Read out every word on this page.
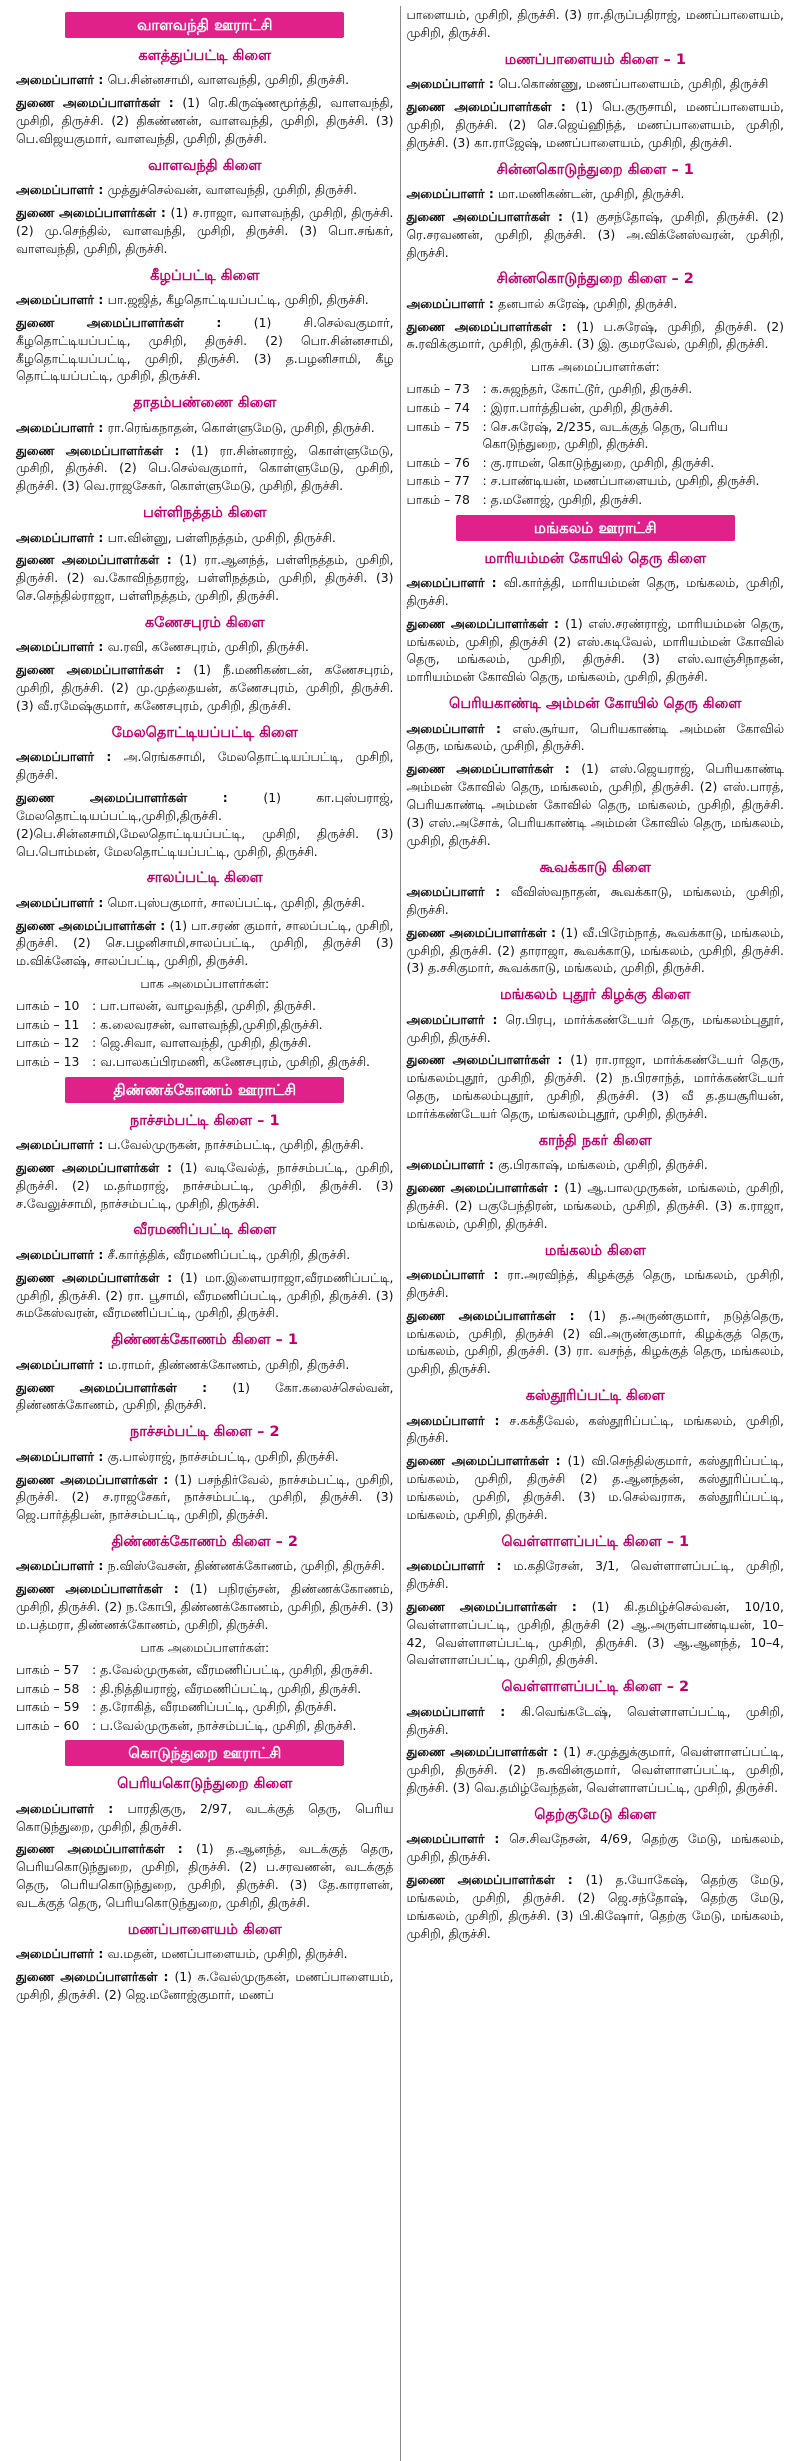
வாளவந்தி ஊராட்சி
களத்துப்பட்டி கிளை

அமைப்பாளர் : பெ.சின்னசாமி, வாளவந்தி, முசிறி, திருச்சி.

துணை அமைப்பாளர்கள் : (1) ரெ.கிருஷ்ணமூர்த்தி, வாளவந்தி, முசிறி, திருச்சி. (2) திகண்ணன், வாளவந்தி, முசிறி, திருச்சி. (3) பெ.விஜயகுமார், வாளவந்தி, முசிறி, திருச்சி.

வாளவந்தி கிளை

அமைப்பாளர் : முத்துச்செல்வன், வாளவந்தி, முசிறி, திருச்சி.

துணை அமைப்பாளர்கள் : (1) ச.ராஜா, வாளவந்தி, முசிறி, திருச்சி. (2) மு.செந்தில், வாளவந்தி, முசிறி, திருச்சி. (3) பொ.சங்கர், வாளவந்தி, முசிறி, திருச்சி.

கீழப்பட்டி கிளை

அமைப்பாளர் : பா.ஜஜித், கீழதொட்டியப்பட்டி, முசிறி, திருச்சி.

துணை அமைப்பாளர்கள் : (1) சி.செல்வகுமார், கீழதொட்டியப்பட்டி, முசிறி, திருச்சி. (2) பொ.சின்னசாமி, கீழதொட்டியப்பட்டி, முசிறி, திருச்சி. (3) த.பழனிசாமி, கீழ தொட்டியப்பட்டி, முசிறி, திருச்சி.

தாதம்பண்ணை கிளை

அமைப்பாளர் : ரா.ரெங்கநாதன், கொள்ளுமேடு, முசிறி, திருச்சி.

துணை அமைப்பாளர்கள் : (1) ரா.சின்னராஜ், கொள்ளுமேடு, முசிறி, திருச்சி. (2) பெ.செல்வகுமார், கொள்ளுமேடு, முசிறி, திருச்சி. (3) வெ.ராஜசேகர், கொள்ளுமேடு, முசிறி, திருச்சி.

பள்ளிநத்தம் கிளை

அமைப்பாளர் : பா.வின்னு, பள்ளிநத்தம், முசிறி, திருச்சி.

துணை அமைப்பாளர்கள் : (1) ரா.ஆனந்த், பள்ளிநத்தம், முசிறி, திருச்சி. (2) வ.கோவிந்தராஜ், பள்ளிநத்தம், முசிறி, திருச்சி. (3) செ.செந்தில்ராஜா, பள்ளிநத்தம், முசிறி, திருச்சி.

கணேசபுரம் கிளை

அமைப்பாளர் : வ.ரவி, கணேசபுரம், முசிறி, திருச்சி.

துணை அமைப்பாளர்கள் : (1) நீ.மணிகண்டன், கணேசபுரம், முசிறி, திருச்சி. (2) மு.முத்தையன், கணேசபுரம், முசிறி, திருச்சி. (3) வீ.ரமேஷ்குமார், கணேசபுரம், முசிறி, திருச்சி.

மேலதொட்டியப்பட்டி கிளை

அமைப்பாளர் : அ.ரெங்கசாமி, மேலதொட்டியப்பட்டி, முசிறி, திருச்சி.

துணை அமைப்பாளர்கள் : (1) கா.புஸ்பராஜ், மேலதொட்டியப்பட்டி,முசிறி,திருச்சி.(2)பெ.சின்னசாமி,மேலதொட்டியப்பட்டி, முசிறி, திருச்சி. (3) பெ.பொம்மன், மேலதொட்டியப்பட்டி, முசிறி, திருச்சி.

சாலப்பட்டி கிளை

அமைப்பாளர் : மொ.புஸ்பகுமார், சாலப்பட்டி, முசிறி, திருச்சி.

துணை அமைப்பாளர்கள் : (1) பா.சரண் குமார், சாலப்பட்டி, முசிறி, திருச்சி. (2) செ.பழனிசாமி,சாலப்பட்டி, முசிறி, திருச்சி (3) ம.விக்னேஷ், சாலப்பட்டி, முசிறி, திருச்சி.

பாக அமைப்பாளர்கள்:
பாகம் – 10	: பா.பாலன், வாழவந்தி, முசிறி, திருச்சி.
பாகம் – 11	: க.லைவரசன், வாளவந்தி,முசிறி,திருச்சி.
பாகம் – 12	: ஜெ.சிவா, வாளவந்தி, முசிறி, திருச்சி.
பாகம் – 13	: வ.பாலகப்பிரமணி, கணேசபுரம், முசிறி, திருச்சி.
திண்ணக்கோணம் ஊராட்சி
நாச்சம்பட்டி கிளை – 1

அமைப்பாளர் : ப.வேல்முருகன், நாச்சம்பட்டி, முசிறி, திருச்சி.

துணை அமைப்பாளர்கள் : (1) வடிவேல்த், நாச்சம்பட்டி, முசிறி, திருச்சி. (2) ம.தர்மராஜ், நாச்சம்பட்டி, முசிறி, திருச்சி. (3) ச.வேலுச்சாமி, நாச்சம்பட்டி, முசிறி, திருச்சி.

வீரமணிப்பட்டி கிளை

அமைப்பாளர் : சீ.கார்த்திக், வீரமணிப்பட்டி, முசிறி, திருச்சி.

துணை அமைப்பாளர்கள் : (1) மா.இளையராஜா,வீரமணிப்பட்டி, முசிறி, திருச்சி. (2) ரா. பூசாமி, வீரமணிப்பட்டி, முசிறி, திருச்சி. (3) சுமகேஸ்வரன், வீரமணிப்பட்டி, முசிறி, திருச்சி.

திண்ணக்கோணம் கிளை – 1

அமைப்பாளர் : ம.ராமர், திண்ணக்கோணம், முசிறி, திருச்சி.

துணை அமைப்பாளர்கள் : (1) கோ.கலைச்செல்வன், திண்ணக்கோணம், முசிறி, திருச்சி.

நாச்சம்பட்டி கிளை – 2

அமைப்பாளர் : கு.பால்ராஜ், நாச்சம்பட்டி, முசிறி, திருச்சி.

துணை அமைப்பாளர்கள் : (1) பசந்திர்வேல், நாச்சம்பட்டி, முசிறி, திருச்சி. (2) ச.ராஜசேகர், நாச்சம்பட்டி, முசிறி, திருச்சி. (3) ஜெ.பார்த்திபன், நாச்சம்பட்டி, முசிறி, திருச்சி.

திண்ணக்கோணம் கிளை – 2

அமைப்பாளர் : ந.விஸ்வேசன், திண்ணக்கோணம், முசிறி, திருச்சி.

துணை அமைப்பாளர்கள் : (1) பநிரஞ்சன், திண்ணக்கோணம், முசிறி, திருச்சி. (2) ந.கோபி, திண்ணக்கோணம், முசிறி, திருச்சி. (3) ம.பத்மரா, திண்ணக்கோணம், முசிறி, திருச்சி.

பாக அமைப்பாளர்கள்:
பாகம் – 57	: த.வேல்முருகன், வீரமணிப்பட்டி, முசிறி, திருச்சி.
பாகம் – 58	: தி.நித்தியராஜ், வீரமணிப்பட்டி, முசிறி, திருச்சி.
பாகம் – 59	: த.ரோகித், வீரமணிப்பட்டி, முசிறி, திருச்சி.
பாகம் – 60	: ப.வேல்முருகன், நாச்சம்பட்டி, முசிறி, திருச்சி.
கொடுந்துறை ஊராட்சி
பெரியகொடுந்துறை கிளை

அமைப்பாளர் : பாரதிகுரு, 2/97, வடக்குத் தெரு, பெரிய கொடுந்துறை, முசிறி, திருச்சி.

துணை அமைப்பாளர்கள் : (1) த.ஆனந்த், வடக்குத் தெரு, பெரியகொடுந்துறை, முசிறி, திருச்சி. (2) ப.சரவணன், வடக்குத் தெரு, பெரியகொடுந்துறை, முசிறி, திருச்சி. (3) தே.காராளன், வடக்குத் தெரு, பெரியகொடுந்துறை, முசிறி, திருச்சி.

மணப்பாளையம் கிளை

அமைப்பாளர் : வ.மதன், மணப்பாளையம், முசிறி, திருச்சி.

துணை அமைப்பாளர்கள் : (1) சு.வேல்முருகன், மணப்பாளையம், முசிறி, திருச்சி. (2) ஜெ.மனோஜ்குமார், மணப்

பாளையம், முசிறி, திருச்சி. (3) ரா.திருப்பதிராஜ், மணப்பாளையம், முசிறி, திருச்சி.

மணப்பாளையம் கிளை – 1

அமைப்பாளர் : பெ.கொண்ணு, மணப்பாளையம், முசிறி, திருச்சி

துணை அமைப்பாளர்கள் : (1) பெ.குருசாமி, மணப்பாளையம், முசிறி, திருச்சி. (2) செ.ஜெய்ஹிந்த், மணப்பாளையம், முசிறி, திருச்சி. (3) கா.ராஜேஷ், மணப்பாளையம், முசிறி, திருச்சி.

சின்னகொடுந்துறை கிளை – 1

அமைப்பாளர் : மா.மணிகண்டன், முசிறி, திருச்சி.

துணை அமைப்பாளர்கள் : (1) குசந்தோஷ், முசிறி, திருச்சி. (2) ரெ.சரவணன், முசிறி, திருச்சி. (3) அ.விக்னேஸ்வரன், முசிறி, திருச்சி.

சின்னகொடுந்துறை கிளை – 2

அமைப்பாளர் : தனபால் சுரேஷ், முசிறி, திருச்சி.

துணை அமைப்பாளர்கள் : (1) ப.சுரேஷ், முசிறி, திருச்சி. (2) சு.ரவிக்குமார், முசிறி, திருச்சி. (3) இ. குமரவேல், முசிறி, திருச்சி.

பாக அமைப்பாளர்கள்:
பாகம் – 73	: க.சுஜந்தர், கோட்டூர், முசிறி, திருச்சி.
பாகம் – 74	: இரா.பார்த்திபன், முசிறி, திருச்சி.
பாகம் – 75	: செ.சுரேஷ், 2/235, வடக்குத் தெரு, பெரிய கொடுந்துறை, முசிறி, திருச்சி.
பாகம் – 76	: கு.ராமன், கொடுந்துறை, முசிறி, திருச்சி.
பாகம் – 77	: ச.பாண்டியன், மணப்பாளையம், முசிறி, திருச்சி.
பாகம் – 78	: த.மனோஜ், முசிறி, திருச்சி.
மங்கலம் ஊராட்சி
மாரியம்மன் கோயில் தெரு கிளை

அமைப்பாளர் : வி.கார்த்தி, மாரியம்மன் தெரு, மங்கலம், முசிறி, திருச்சி.

துணை அமைப்பாளர்கள் : (1) எஸ்.சரண்ராஜ், மாரியம்மன் தெரு, மங்கலம், முசிறி, திருச்சி (2) எஸ்.கடிவேல், மாரியம்மன் கோவில் தெரு, மங்கலம், முசிறி, திருச்சி. (3) எஸ்.வாஞ்சிநாதன், மாரியம்மன் கோவில் தெரு, மங்கலம், முசிறி, திருச்சி.

பெரியகாண்டி அம்மன் கோயில் தெரு கிளை

அமைப்பாளர் : எஸ்.சூர்யா, பெரியகாண்டி அம்மன் கோவில் தெரு, மங்கலம், முசிறி, திருச்சி.

துணை அமைப்பாளர்கள் : (1) எஸ்.ஜெயராஜ், பெரியகாண்டி அம்மன் கோவில் தெரு, மங்கலம், முசிறி, திருச்சி. (2) எஸ்.பாரத், பெரியகாண்டி அம்மன் கோவில் தெரு, மங்கலம், முசிறி, திருச்சி. (3) எஸ்.அசோக், பெரியகாண்டி அம்மன் கோவில் தெரு, மங்கலம், முசிறி, திருச்சி.

கூவக்காடு கிளை

அமைப்பாளர் : வீவிஸ்வநாதன், கூவக்காடு, மங்கலம், முசிறி, திருச்சி.

துணை அமைப்பாளர்கள் : (1) வீ.பிரேம்நாத், கூவக்காடு, மங்கலம், முசிறி, திருச்சி. (2) தாராஜா, கூவக்காடு, மங்கலம், முசிறி, திருச்சி. (3) த.சசிகுமார், கூவக்காடு, மங்கலம், முசிறி, திருச்சி.

மங்கலம் புதூர் கிழக்கு கிளை

அமைப்பாளர் : ரெ.பிரபு, மார்க்கண்டேயர் தெரு, மங்கலம்புதூர், முசிறி, திருச்சி.

துணை அமைப்பாளர்கள் : (1) ரா.ராஜா, மார்க்கண்டேயர் தெரு, மங்கலம்புதூர், முசிறி, திருச்சி. (2) ந.பிரசாந்த், மார்க்கண்டேயர் தெரு, மங்கலம்புதூர், முசிறி, திருச்சி. (3) வீ த.தயசூரியன், மார்க்கண்டேயர் தெரு, மங்கலம்புதூர், முசிறி, திருச்சி.

காந்தி நகர் கிளை

அமைப்பாளர் : கு.பிரகாஷ், மங்கலம், முசிறி, திருச்சி.

துணை அமைப்பாளர்கள் : (1) ஆ.பாலமுருகன், மங்கலம், முசிறி, திருச்சி. (2) பகுபேந்திரன், மங்கலம், முசிறி, திருச்சி. (3) க.ராஜா, மங்கலம், முசிறி, திருச்சி.

மங்கலம் கிளை

அமைப்பாளர் : ரா.அரவிந்த், கிழக்குத் தெரு, மங்கலம், முசிறி, திருச்சி.

துணை அமைப்பாளர்கள் : (1) த.அருண்குமார், நடுத்தெரு, மங்கலம், முசிறி, திருச்சி (2) வி.அருண்குமார், கிழக்குத் தெரு, மங்கலம், முசிறி, திருச்சி. (3) ரா. வசந்த், கிழக்குத் தெரு, மங்கலம், முசிறி, திருச்சி.

கஸ்தூரிப்பட்டி கிளை

அமைப்பாளர் : ச.கக்தீவேல், கஸ்தூரிப்பட்டி, மங்கலம், முசிறி, திருச்சி.

துணை அமைப்பாளர்கள் : (1) வி.செந்தில்குமார், கஸ்தூரிப்பட்டி, மங்கலம், முசிறி, திருச்சி (2) த.ஆனந்தன், கஸ்தூரிப்பட்டி, மங்கலம், முசிறி, திருச்சி. (3) ம.செல்வராசு, கஸ்தூரிப்பட்டி, மங்கலம், முசிறி, திருச்சி.

வெள்ளாளப்பட்டி கிளை – 1

அமைப்பாளர் : ம.கதிரேசன், 3/1, வெள்ளாளப்பட்டி, முசிறி, திருச்சி.

துணை அமைப்பாளர்கள் : (1) கி.தமிழ்ச்செல்வன், 10/10, வெள்ளாளப்பட்டி, முசிறி, திருச்சி (2) ஆ.அருள்பாண்டியன், 10–42, வெள்ளாளப்பட்டி, முசிறி, திருச்சி. (3) ஆ.ஆனந்த், 10–4, வெள்ளாளப்பட்டி, முசிறி, திருச்சி.

வெள்ளாளப்பட்டி கிளை – 2

அமைப்பாளர் : கி.வெங்கடேஷ், வெள்ளாளப்பட்டி, முசிறி, திருச்சி.

துணை அமைப்பாளர்கள் : (1) ச.முத்துக்குமார், வெள்ளாளப்பட்டி, முசிறி, திருச்சி. (2) ந.சுவின்குமார், வெள்ளாளப்பட்டி, முசிறி, திருச்சி. (3) வெ.தமிழ்வேந்தன், வெள்ளாளப்பட்டி, முசிறி, திருச்சி.

தெற்குமேடு கிளை

அமைப்பாளர் : செ.சிவநேசன், 4/69, தெற்கு மேடு, மங்கலம், முசிறி, திருச்சி.

துணை அமைப்பாளர்கள் : (1) த.யோகேஷ், தெற்கு மேடு, மங்கலம், முசிறி, திருச்சி. (2) ஜெ.சந்தோஷ், தெற்கு மேடு, மங்கலம், முசிறி, திருச்சி. (3) பி.கிஷோர், தெற்கு மேடு, மங்கலம், முசிறி, திருச்சி.
